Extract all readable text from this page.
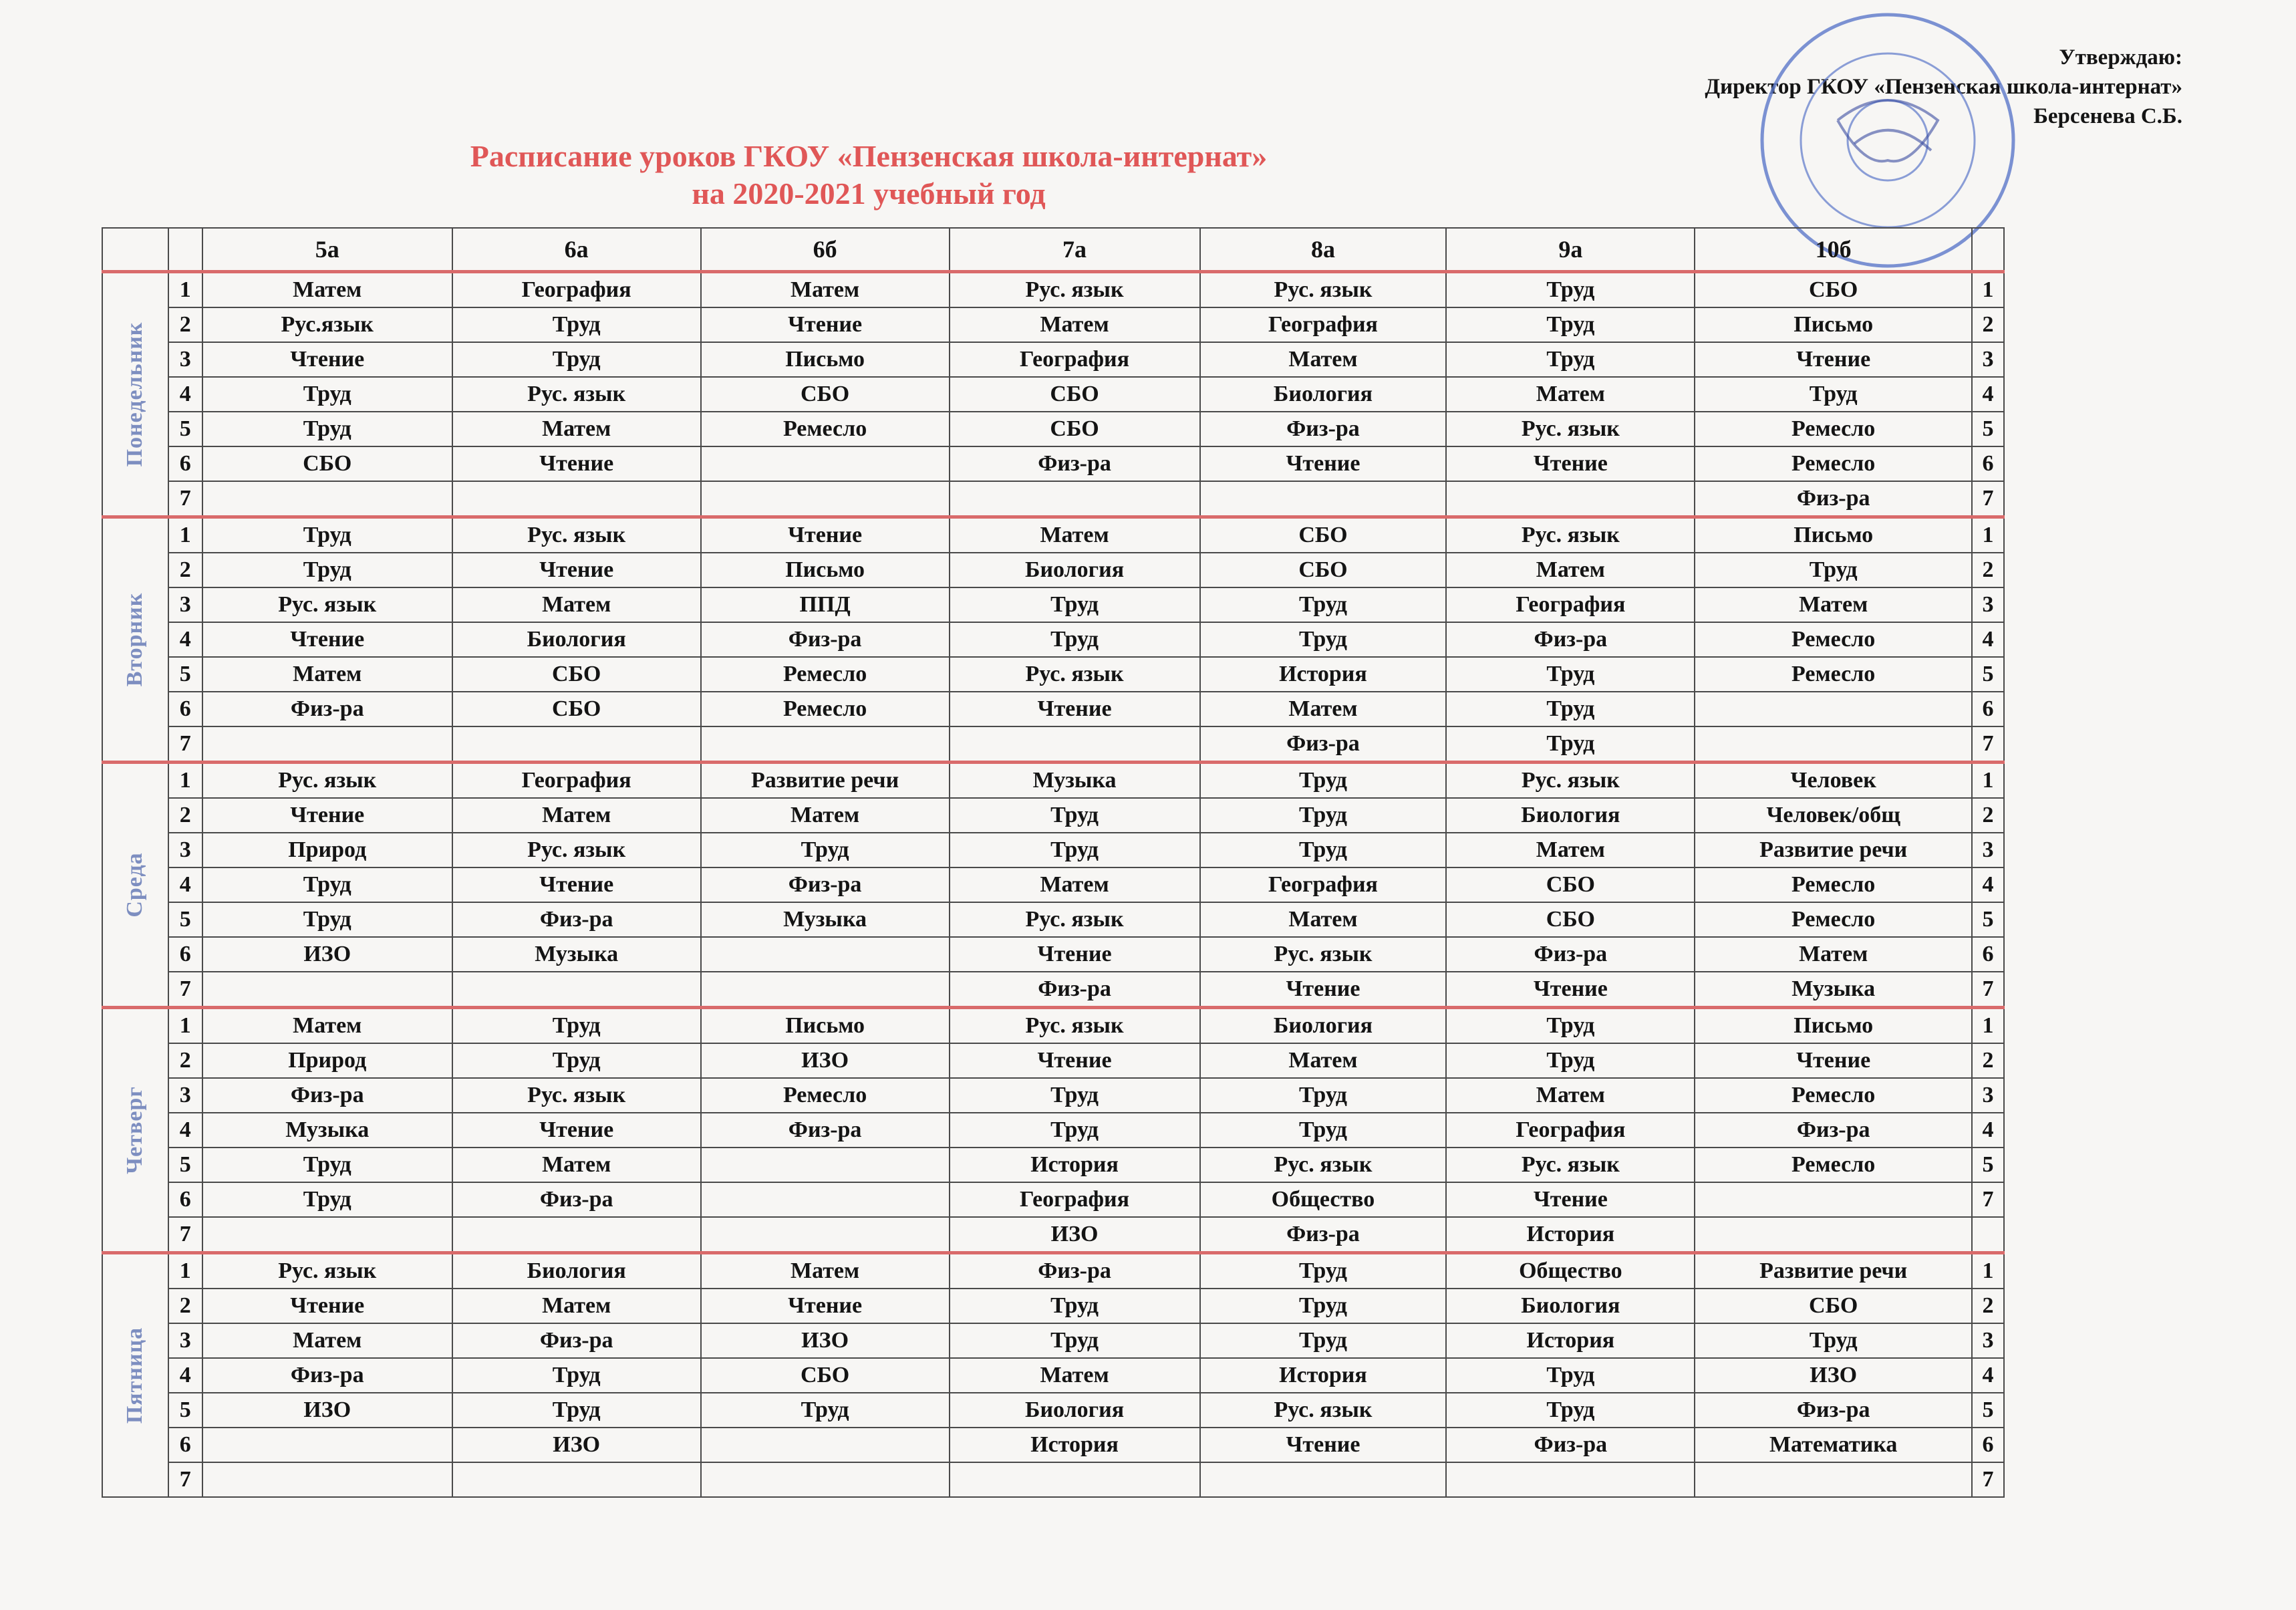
Утверждаю:
Директор ГКОУ «Пензенская школа-интернат»
Берсенева С.Б.
Расписание уроков ГКОУ «Пензенская школа-интернат»
на 2020-2021 учебный год
		5а	6а	6б	7а	8а	9а	10б	

Понедельник	1	Матем	География	Матем	Рус. язык	Рус. язык	Труд	СБО	1
	2	Рус.язык	Труд	Чтение	Матем	География	Труд	Письмо	2
	3	Чтение	Труд	Письмо	География	Матем	Труд	Чтение	3
	4	Труд	Рус. язык	СБО	СБО	Биология	Матем	Труд	4
	5	Труд	Матем	Ремесло	СБО	Физ-ра	Рус. язык	Ремесло	5
	6	СБО	Чтение		Физ-ра	Чтение	Чтение	Ремесло	6
	7							Физ-ра	7

Вторник	1	Труд	Рус. язык	Чтение	Матем	СБО	Рус. язык	Письмо	1
	2	Труд	Чтение	Письмо	Биология	СБО	Матем	Труд	2
	3	Рус. язык	Матем	ППД	Труд	Труд	География	Матем	3
	4	Чтение	Биология	Физ-ра	Труд	Труд	Физ-ра	Ремесло	4
	5	Матем	СБО	Ремесло	Рус. язык	История	Труд	Ремесло	5
	6	Физ-ра	СБО	Ремесло	Чтение	Матем	Труд		6
	7					Физ-ра	Труд		7

Среда	1	Рус. язык	География	Развитие речи	Музыка	Труд	Рус. язык	Человек	1
	2	Чтение	Матем	Матем	Труд	Труд	Биология	Человек/общ	2
	3	Природ	Рус. язык	Труд	Труд	Труд	Матем	Развитие речи	3
	4	Труд	Чтение	Физ-ра	Матем	География	СБО	Ремесло	4
	5	Труд	Физ-ра	Музыка	Рус. язык	Матем	СБО	Ремесло	5
	6	ИЗО	Музыка		Чтение	Рус. язык	Физ-ра	Матем	6
	7				Физ-ра	Чтение	Чтение	Музыка	7

Четверг	1	Матем	Труд	Письмо	Рус. язык	Биология	Труд	Письмо	1
	2	Природ	Труд	ИЗО	Чтение	Матем	Труд	Чтение	2
	3	Физ-ра	Рус. язык	Ремесло	Труд	Труд	Матем	Ремесло	3
	4	Музыка	Чтение	Физ-ра	Труд	Труд	География	Физ-ра	4
	5	Труд	Матем		История	Рус. язык	Рус. язык	Ремесло	5
	6	Труд	Физ-ра		География	Общество	Чтение		7
	7				ИЗО	Физ-ра	История		

Пятница	1	Рус. язык	Биология	Матем	Физ-ра	Труд	Общество	Развитие речи	1
	2	Чтение	Матем	Чтение	Труд	Труд	Биология	СБО	2
	3	Матем	Физ-ра	ИЗО	Труд	Труд	История	Труд	3
	4	Физ-ра	Труд	СБО	Матем	История	Труд	ИЗО	4
	5	ИЗО	Труд	Труд	Биология	Рус. язык	Труд	Физ-ра	5
	6		ИЗО		История	Чтение	Физ-ра	Математика	6
	7								7
